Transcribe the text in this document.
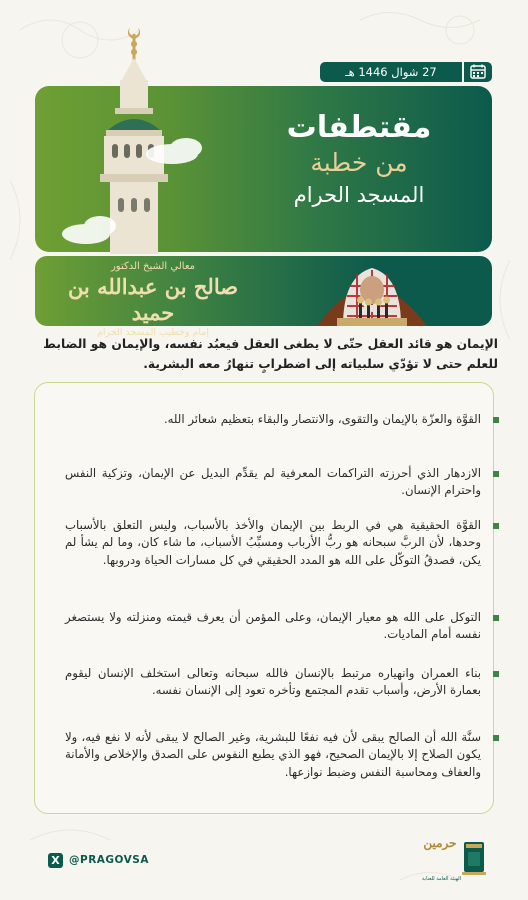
27 شوال 1446 هـ
مقتطفات
من خطبة
المسجد الحرام
معالي الشيخ الدكتور
صالح بن عبدالله بن حميد
إمام وخطيب المسجد الحرام
الإيمان هو قائد العقل حتّى لا يطغى العقل فيعبُد نفسه، والإيمان هو الضابط للعلم حتى لا تؤدّي سلبياته إلى اضطرابٍ تنهارُ معه البشرية.
القوَّة والعزّة بالإيمان والتقوى، والانتصار والبقاء بتعظيم شعائر الله.
الازدهار الذي أحرزته التراكمات المعرفية لم يقدِّم البديل عن الإيمان، وتزكية النفس واحترام الإنسان.
القوَّة الحقيقية هي في الربط بين الإيمان والأخذ بالأسباب، وليس التعلق بالأسباب وحدها، لأن الربَّ سبحانه هو ربُّ الأرباب ومسبِّبُ الأسباب، ما شاء كان، وما لم يشأ لم يكن، فصدقُ التوكّل على الله هو المدد الحقيقي في كل مسارات الحياة ودروبها.
التوكل على الله هو معيار الإيمان، وعلى المؤمن أن يعرف قيمته ومنزلته ولا يستصغر نفسه أمام الماديات.
بناء العمران وانهياره مرتبط بالإنسان فالله سبحانه وتعالى استخلف الإنسان ليقوم بعمارة الأرض، وأسباب تقدم المجتمع وتأخره تعود إلى الإنسان نفسه.
سنَّة الله أن الصالح يبقى لأن فيه نفعًا للبشرية، وغير الصالح لا يبقى لأنه لا نفع فيه، ولا يكون الصلاح إلا بالإيمان الصحيح، فهو الذي يطبع النفوس على الصدق والإخلاص والأمانة والعفاف ومحاسبة النفس وضبط نوازعها.
X @PRAGOVSA
الهيئة العامة للعناية
حرمين
